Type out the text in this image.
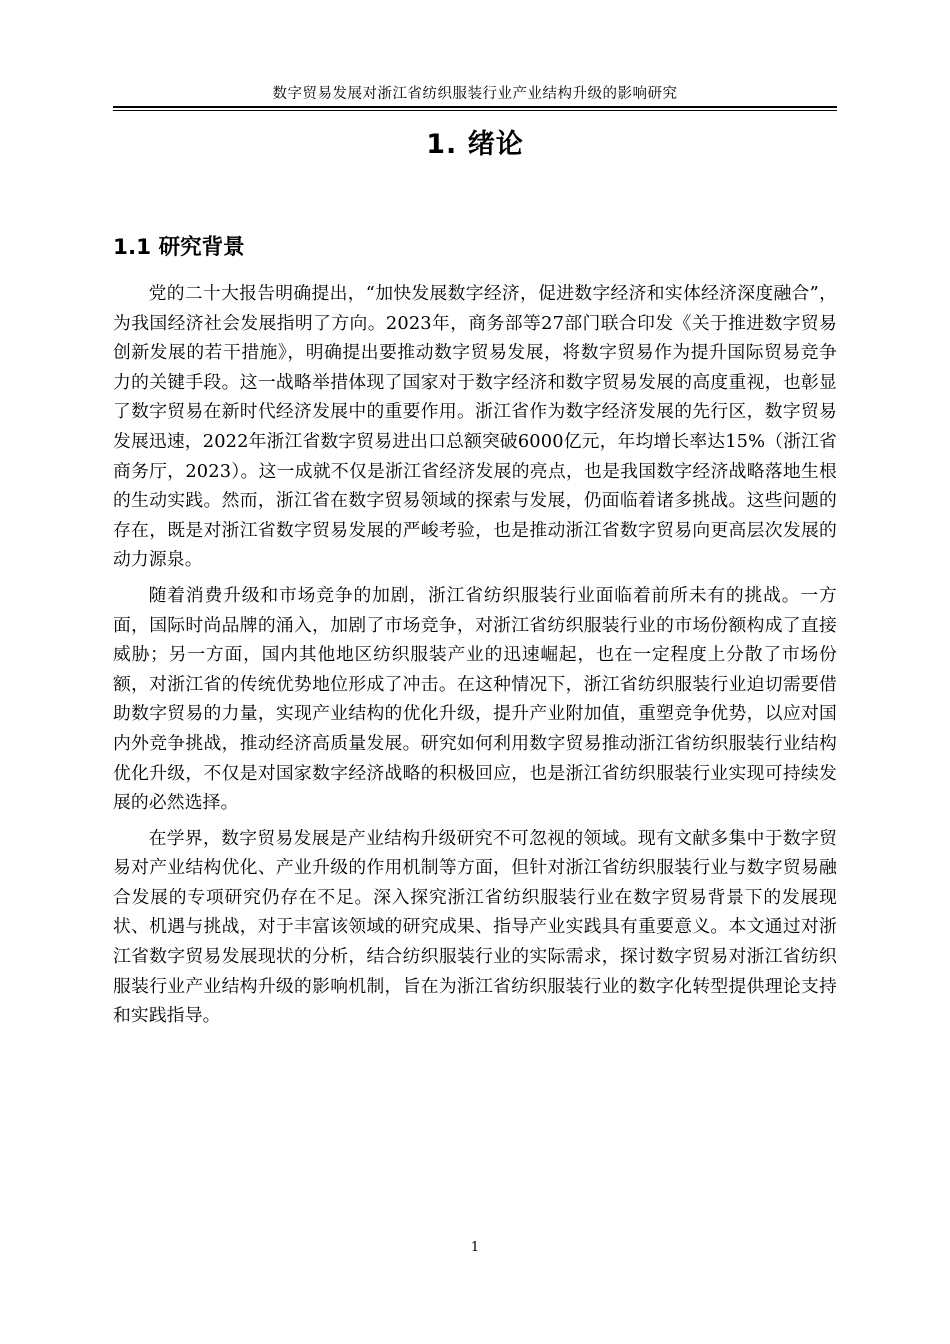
数字贸易发展对浙江省纺织服装行业产业结构升级的影响研究
1. 绪论
1.1 研究背景

党的二十大报告明确提出，“加快发展数字经济，促进数字经济和实体经济深度融合”，为我国经济社会发展指明了方向。2023年，商务部等27部门联合印发《关于推进数字贸易创新发展的若干措施》，明确提出要推动数字贸易发展，将数字贸易作为提升国际贸易竞争力的关键手段。这一战略举措体现了国家对于数字经济和数字贸易发展的高度重视，也彰显了数字贸易在新时代经济发展中的重要作用。浙江省作为数字经济发展的先行区，数字贸易发展迅速，2022年浙江省数字贸易进出口总额突破6000亿元，年均增长率达15%（浙江省商务厅，2023）。这一成就不仅是浙江省经济发展的亮点，也是我国数字经济战略落地生根的生动实践。然而，浙江省在数字贸易领域的探索与发展，仍面临着诸多挑战。这些问题的存在，既是对浙江省数字贸易发展的严峻考验，也是推动浙江省数字贸易向更高层次发展的动力源泉。

随着消费升级和市场竞争的加剧，浙江省纺织服装行业面临着前所未有的挑战。一方面，国际时尚品牌的涌入，加剧了市场竞争，对浙江省纺织服装行业的市场份额构成了直接威胁；另一方面，国内其他地区纺织服装产业的迅速崛起，也在一定程度上分散了市场份额，对浙江省的传统优势地位形成了冲击。在这种情况下，浙江省纺织服装行业迫切需要借助数字贸易的力量，实现产业结构的优化升级，提升产业附加值，重塑竞争优势，以应对国内外竞争挑战，推动经济高质量发展。研究如何利用数字贸易推动浙江省纺织服装行业结构优化升级，不仅是对国家数字经济战略的积极回应，也是浙江省纺织服装行业实现可持续发展的必然选择。

在学界，数字贸易发展是产业结构升级研究不可忽视的领域。现有文献多集中于数字贸易对产业结构优化、产业升级的作用机制等方面，但针对浙江省纺织服装行业与数字贸易融合发展的专项研究仍存在不足。深入探究浙江省纺织服装行业在数字贸易背景下的发展现状、机遇与挑战，对于丰富该领域的研究成果、指导产业实践具有重要意义。本文通过对浙江省数字贸易发展现状的分析，结合纺织服装行业的实际需求，探讨数字贸易对浙江省纺织服装行业产业结构升级的影响机制，旨在为浙江省纺织服装行业的数字化转型提供理论支持和实践指导。

1
